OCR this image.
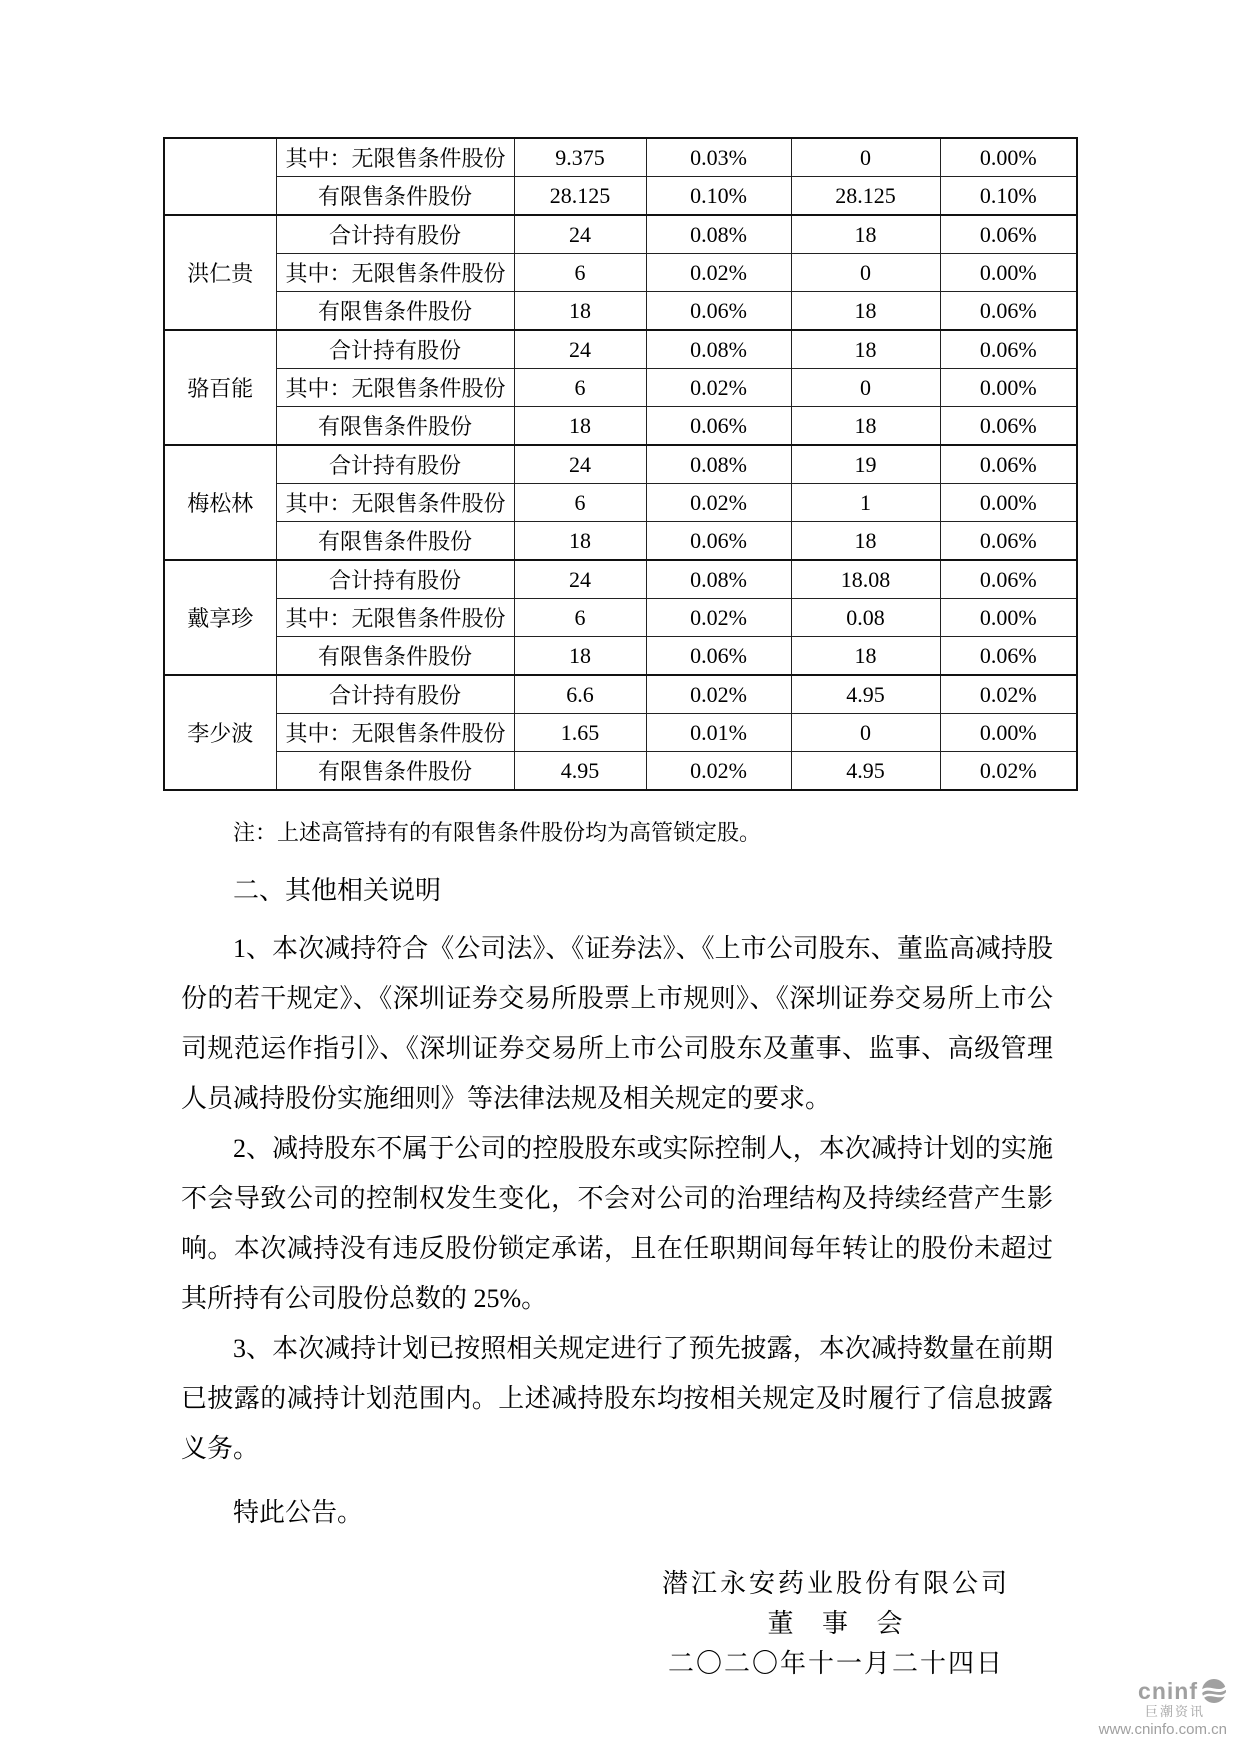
	其中：无限售条件股份	9.375	0.03%	0	0.00%
	有限售条件股份	28.125	0.10%	28.125	0.10%
洪仁贵	合计持有股份	24	0.08%	18	0.06%
	其中：无限售条件股份	6	0.02%	0	0.00%
	有限售条件股份	18	0.06%	18	0.06%
骆百能	合计持有股份	24	0.08%	18	0.06%
	其中：无限售条件股份	6	0.02%	0	0.00%
	有限售条件股份	18	0.06%	18	0.06%
梅松林	合计持有股份	24	0.08%	19	0.06%
	其中：无限售条件股份	6	0.02%	1	0.00%
	有限售条件股份	18	0.06%	18	0.06%
戴享珍	合计持有股份	24	0.08%	18.08	0.06%
	其中：无限售条件股份	6	0.02%	0.08	0.00%
	有限售条件股份	18	0.06%	18	0.06%
李少波	合计持有股份	6.6	0.02%	4.95	0.02%
	其中：无限售条件股份	1.65	0.01%	0	0.00%
	有限售条件股份	4.95	0.02%	4.95	0.02%

注：上述高管持有的有限售条件股份均为高管锁定股。

二、其他相关说明

1、本次减持符合《公司法》、《证券法》、《上市公司股东、董监高减持股份的若干规定》、《深圳证券交易所股票上市规则》、《深圳证券交易所上市公司规范运作指引》、《深圳证券交易所上市公司股东及董事、监事、高级管理人员减持股份实施细则》等法律法规及相关规定的要求。

2、减持股东不属于公司的控股股东或实际控制人，本次减持计划的实施不会导致公司的控制权发生变化，不会对公司的治理结构及持续经营产生影响。本次减持没有违反股份锁定承诺，且在任职期间每年转让的股份未超过其所持有公司股份总数的 25%。

3、本次减持计划已按照相关规定进行了预先披露，本次减持数量在前期已披露的减持计划范围内。上述减持股东均按相关规定及时履行了信息披露义务。

特此公告。

潜江永安药业股份有限公司
董 事 会
二〇二〇年十一月二十四日
cninf
巨潮资讯
www.cninfo.com.cn
